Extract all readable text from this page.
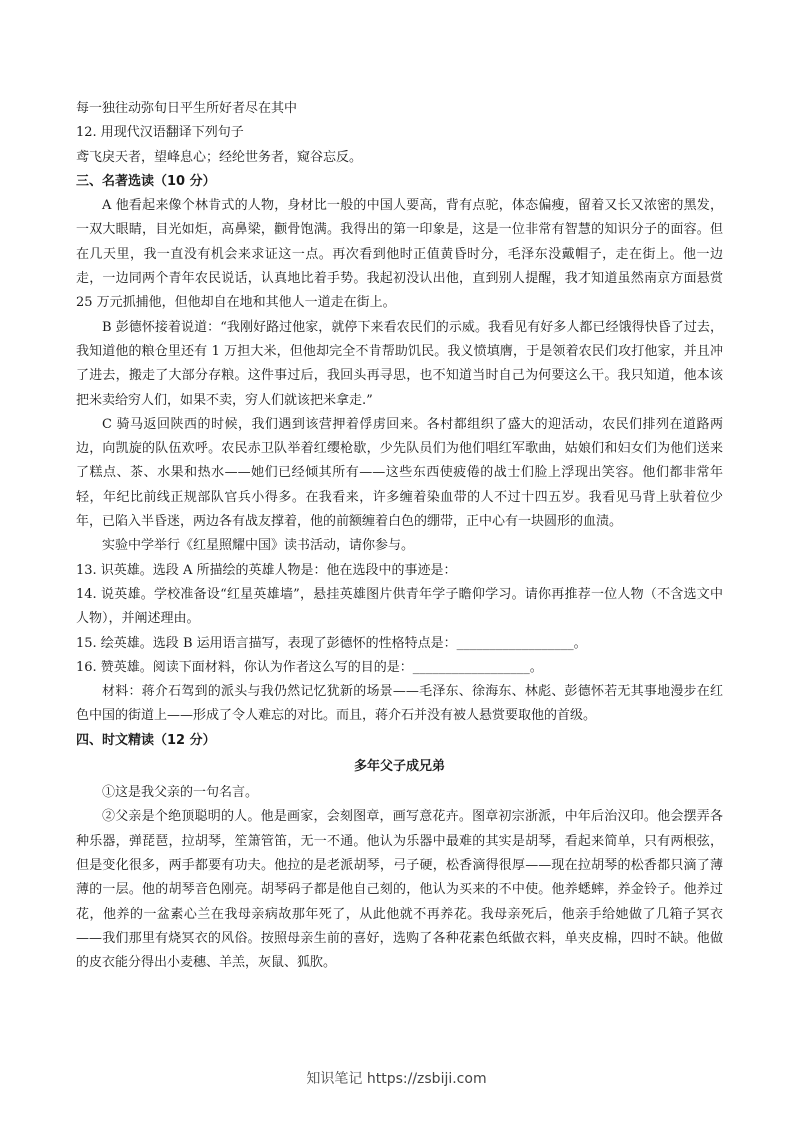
每一独往动弥旬日平生所好者尽在其中

12. 用现代汉语翻译下列句子

鸢飞戾天者，望峰息心；经纶世务者，窥谷忘反。

三、名著选读（10 分）

A 他看起来像个林肯式的人物，身材比一般的中国人要高，背有点驼，体态偏瘦，留着又长又浓密的黑发，一双大眼睛，目光如炬，高鼻梁，颧骨饱满。我得出的第一印象是，这是一位非常有智慧的知识分子的面容。但在几天里，我一直没有机会来求证这一点。再次看到他时正值黄昏时分，毛泽东没戴帽子，走在街上。他一边走，一边同两个青年农民说话，认真地比着手势。我起初没认出他，直到别人提醒，我才知道虽然南京方面悬赏 25 万元抓捕他，但他却自在地和其他人一道走在街上。

B 彭德怀接着说道：“我刚好路过他家，就停下来看农民们的示威。我看见有好多人都已经饿得快昏了过去，我知道他的粮仓里还有 1 万担大米，但他却完全不肯帮助饥民。我义愤填膺，于是领着农民们攻打他家，并且冲了进去，搬走了大部分存粮。这件事过后，我回头再寻思，也不知道当时自己为何要这么干。我只知道，他本该把米卖给穷人们，如果不卖，穷人们就该把米拿走.”

C 骑马返回陕西的时候，我们遇到该营押着俘虏回来。各村都组织了盛大的迎活动，农民们排列在道路两边，向凯旋的队伍欢呼。农民赤卫队举着红缨枪歇，少先队员们为他们唱红军歌曲，姑娘们和妇女们为他们送来了糕点、茶、水果和热水——她们已经倾其所有——这些东西使疲倦的战士们脸上浮现出笑容。他们都非常年轻，年纪比前线正规部队官兵小得多。在我看来，许多缠着染血带的人不过十四五岁。我看见马背上驮着位少年，已陷入半昏迷，两边各有战友撑着，他的前额缠着白色的绷带，正中心有一块圆形的血渍。

实验中学举行《红星照耀中国》读书活动，请你参与。

13. 识英雄。选段 A 所描绘的英雄人物是：他在选段中的事迹是：

14. 说英雄。学校准备设“红星英雄墙”，悬挂英雄图片供青年学子瞻仰学习。请你再推荐一位人物（不含选文中人物），并阐述理由。

15. 绘英雄。选段 B 运用语言描写，表现了彭德怀的性格特点是：__________________。

16. 赞英雄。阅读下面材料，你认为作者这么写的目的是：__________________。

材料：蒋介石驾到的派头与我仍然记忆犹新的场景——毛泽东、徐海东、林彪、彭德怀若无其事地漫步在红色中国的街道上——形成了令人难忘的对比。而且，蒋介石并没有被人悬赏要取他的首级。

四、时文精读（12 分）

多年父子成兄弟

①这是我父亲的一句名言。

②父亲是个绝顶聪明的人。他是画家，会刻图章，画写意花卉。图章初宗浙派，中年后治汉印。他会摆弄各种乐器，弹琵琶，拉胡琴，笙箫管笛，无一不通。他认为乐器中最难的其实是胡琴，看起来简单，只有两根弦，但是变化很多，两手都要有功夫。他拉的是老派胡琴，弓子硬，松香滴得很厚——现在拉胡琴的松香都只滴了薄薄的一层。他的胡琴音色刚亮。胡琴码子都是他自己刻的，他认为买来的不中使。他养蟋蟀，养金铃子。他养过花，他养的一盆素心兰在我母亲病故那年死了，从此他就不再养花。我母亲死后，他亲手给她做了几箱子冥衣——我们那里有烧冥衣的风俗。按照母亲生前的喜好，选购了各种花素色纸做衣料，单夹皮棉，四时不缺。他做的皮衣能分得出小麦穗、羊羔，灰鼠、狐肷。

知识笔记 https://zsbiji.com
